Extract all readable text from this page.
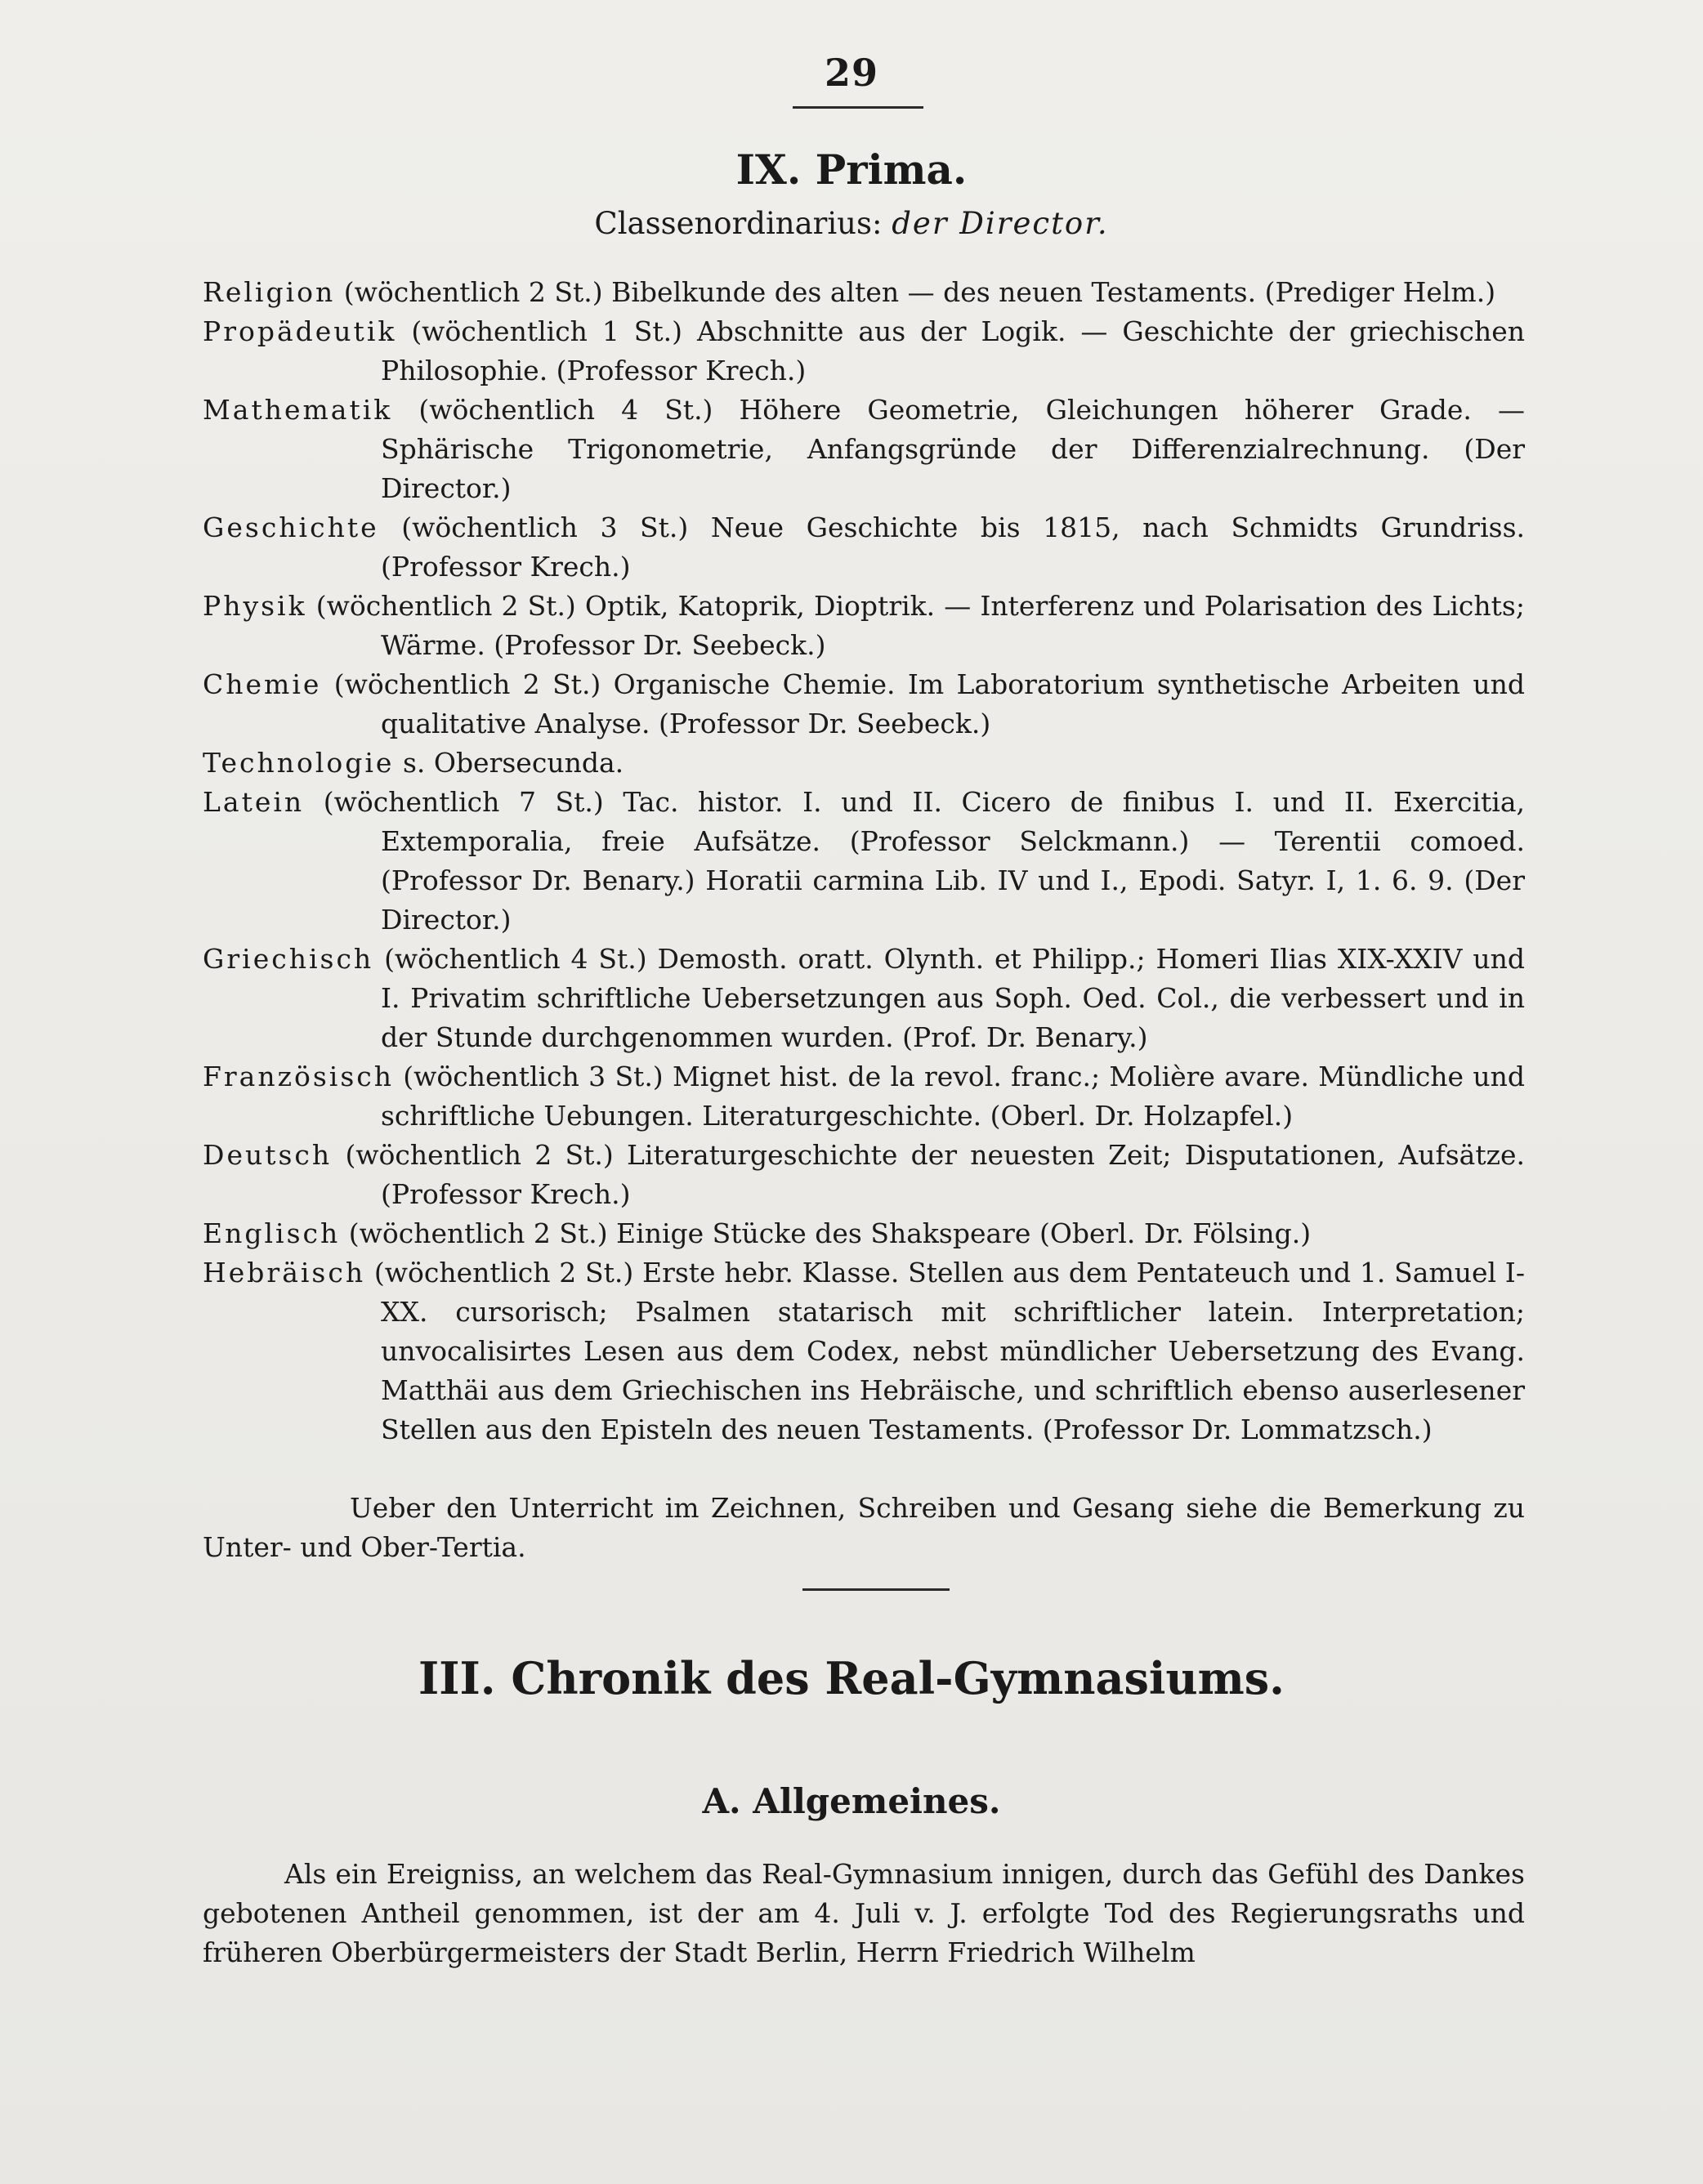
29
IX. Prima.
Classenordinarius: der Director.

Religion (wöchentlich 2 St.) Bibelkunde des alten — des neuen Testaments. (Prediger Helm.)

Propädeutik (wöchentlich 1 St.) Abschnitte aus der Logik. — Geschichte der griechischen Philosophie. (Professor Krech.)

Mathematik (wöchentlich 4 St.) Höhere Geometrie, Gleichungen höherer Grade. — Sphärische Trigonometrie, Anfangsgründe der Differenzialrechnung. (Der Director.)

Geschichte (wöchentlich 3 St.) Neue Geschichte bis 1815, nach Schmidts Grundriss. (Professor Krech.)

Physik (wöchentlich 2 St.) Optik, Katoprik, Dioptrik. — Interferenz und Polarisation des Lichts; Wärme. (Professor Dr. Seebeck.)

Chemie (wöchentlich 2 St.) Organische Chemie. Im Laboratorium synthetische Arbeiten und qualitative Analyse. (Professor Dr. Seebeck.)

Technologie s. Obersecunda.

Latein (wöchentlich 7 St.) Tac. histor. I. und II. Cicero de finibus I. und II. Exercitia, Extemporalia, freie Aufsätze. (Professor Selckmann.) — Terentii comoed. (Professor Dr. Benary.) Horatii carmina Lib. IV und I., Epodi. Satyr. I, 1. 6. 9. (Der Director.)

Griechisch (wöchentlich 4 St.) Demosth. oratt. Olynth. et Philipp.; Homeri Ilias XIX-XXIV und I. Privatim schriftliche Uebersetzungen aus Soph. Oed. Col., die verbessert und in der Stunde durchgenommen wurden. (Prof. Dr. Benary.)

Französisch (wöchentlich 3 St.) Mignet hist. de la revol. franc.; Molière avare. Mündliche und schriftliche Uebungen. Literaturgeschichte. (Oberl. Dr. Holzapfel.)

Deutsch (wöchentlich 2 St.) Literaturgeschichte der neuesten Zeit; Disputationen, Aufsätze. (Professor Krech.)

Englisch (wöchentlich 2 St.) Einige Stücke des Shakspeare (Oberl. Dr. Fölsing.)

Hebräisch (wöchentlich 2 St.) Erste hebr. Klasse. Stellen aus dem Pentateuch und 1. Samuel I-XX. cursorisch; Psalmen statarisch mit schriftlicher latein. Interpretation; unvocalisirtes Lesen aus dem Codex, nebst mündlicher Uebersetzung des Evang. Matthäi aus dem Griechischen ins Hebräische, und schriftlich ebenso auserlesener Stellen aus den Episteln des neuen Testaments. (Professor Dr. Lommatzsch.)

Ueber den Unterricht im Zeichnen, Schreiben und Gesang siehe die Bemerkung zu Unter- und Ober-Tertia.

III. Chronik des Real-Gymnasiums.
A. Allgemeines.

Als ein Ereigniss, an welchem das Real-Gymnasium innigen, durch das Gefühl des Dankes gebotenen Antheil genommen, ist der am 4. Juli v. J. erfolgte Tod des Regierungsraths und früheren Oberbürgermeisters der Stadt Berlin, Herrn Friedrich Wilhelm
